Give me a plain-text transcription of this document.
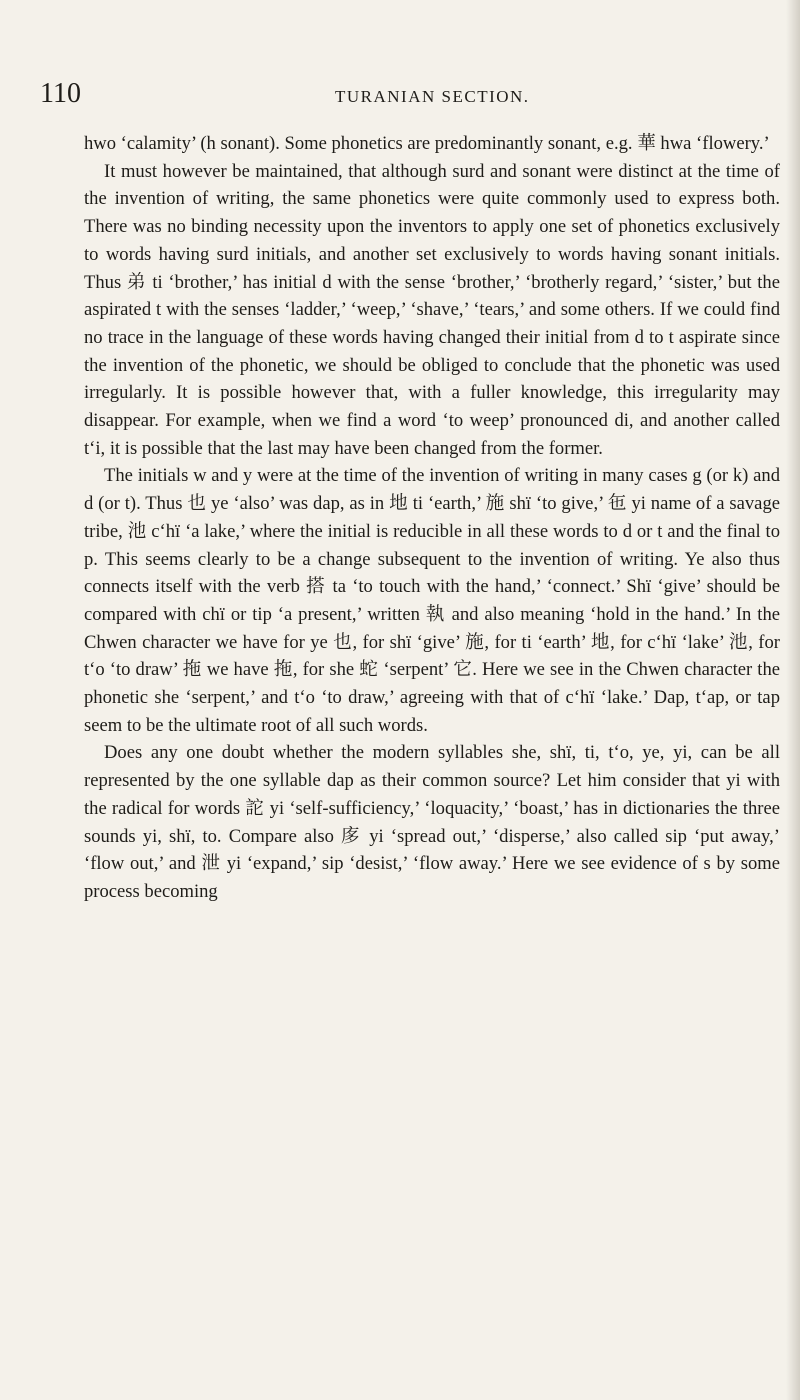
110	TURANIAN SECTION.

hwo ‘calamity’ (h sonant). Some phonetics are predominantly sonant, e.g. 華 hwa ‘flowery.’

It must however be maintained, that although surd and sonant were distinct at the time of the invention of writing, the same phonetics were quite commonly used to express both. There was no binding necessity upon the inventors to apply one set of phonetics exclusively to words having surd initials, and another set exclusively to words having sonant initials. Thus 弟 ti ‘brother,’ has initial d with the sense ‘brother,’ ‘brotherly regard,’ ‘sister,’ but the aspirated t with the senses ‘ladder,’ ‘weep,’ ‘shave,’ ‘tears,’ and some others. If we could find no trace in the language of these words having changed their initial from d to t aspirate since the invention of the phonetic, we should be obliged to conclude that the phonetic was used irregularly. It is possible however that, with a fuller knowledge, this irregularity may disappear. For example, when we find a word ‘to weep’ pronounced di, and another called t‘i, it is possible that the last may have been changed from the former.

The initials w and y were at the time of the invention of writing in many cases g (or k) and d (or t). Thus 也 ye ‘also’ was dap, as in 地 ti ‘earth,’ 施 shï ‘to give,’ 㐌 yi name of a savage tribe, 池 c‘hï ‘a lake,’ where the initial is reducible in all these words to d or t and the final to p. This seems clearly to be a change subsequent to the invention of writing. Ye also thus connects itself with the verb 搭 ta ‘to touch with the hand,’ ‘connect.’ Shï ‘give’ should be compared with chï or tip ‘a present,’ written 執 and also meaning ‘hold in the hand.’ In the Chwen character we have for ye 也, for shï ‘give’ 施, for ti ‘earth’ 地, for c‘hï ‘lake’ 池, for t‘o ‘to draw’ 拖 we have 拖, for she 蛇 ‘serpent’ 它. Here we see in the Chwen character the phonetic she ‘serpent,’ and t‘o ‘to draw,’ agreeing with that of c‘hï ‘lake.’ Dap, t‘ap, or tap seem to be the ultimate root of all such words.

Does any one doubt whether the modern syllables she, shï, ti, t‘o, ye, yi, can be all represented by the one syllable dap as their common source? Let him consider that yi with the radical for words 詑 yi ‘self-sufficiency,’ ‘loquacity,’ ‘boast,’ has in dictionaries the three sounds yi, shï, to. Compare also 㢁 yi ‘spread out,’ ‘disperse,’ also called sip ‘put away,’ ‘flow out,’ and 泄 yi ‘expand,’ sip ‘desist,’ ‘flow away.’ Here we see evidence of s by some process becoming
